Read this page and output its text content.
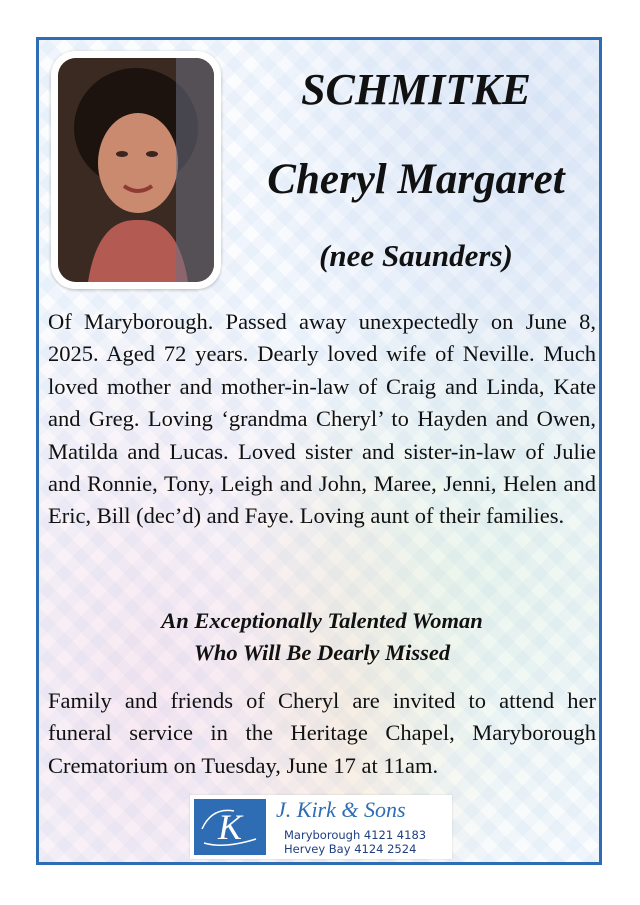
SCHMITKE
Cheryl Margaret
(nee Saunders)

Of Maryborough. Passed away unexpectedly on June 8, 2025. Aged 72 years. Dearly loved wife of Neville. Much loved mother and mother-in-law of Craig and Linda, Kate and Greg. Loving ‘grandma Cheryl’ to Hayden and Owen, Matilda and Lucas. Loved sister and sister-in-law of Julie and Ronnie, Tony, Leigh and John, Maree, Jenni, Helen and Eric, Bill (dec’d) and Faye. Loving aunt of their families.

An Exceptionally Talented Woman
Who Will Be Dearly Missed

Family and friends of Cheryl are invited to attend her funeral service in the Heritage Chapel, Maryborough Crematorium on Tuesday, June 17 at 11am.

K J. Kirk & Sons
Maryborough 4121 4183
Hervey Bay 4124 2524
